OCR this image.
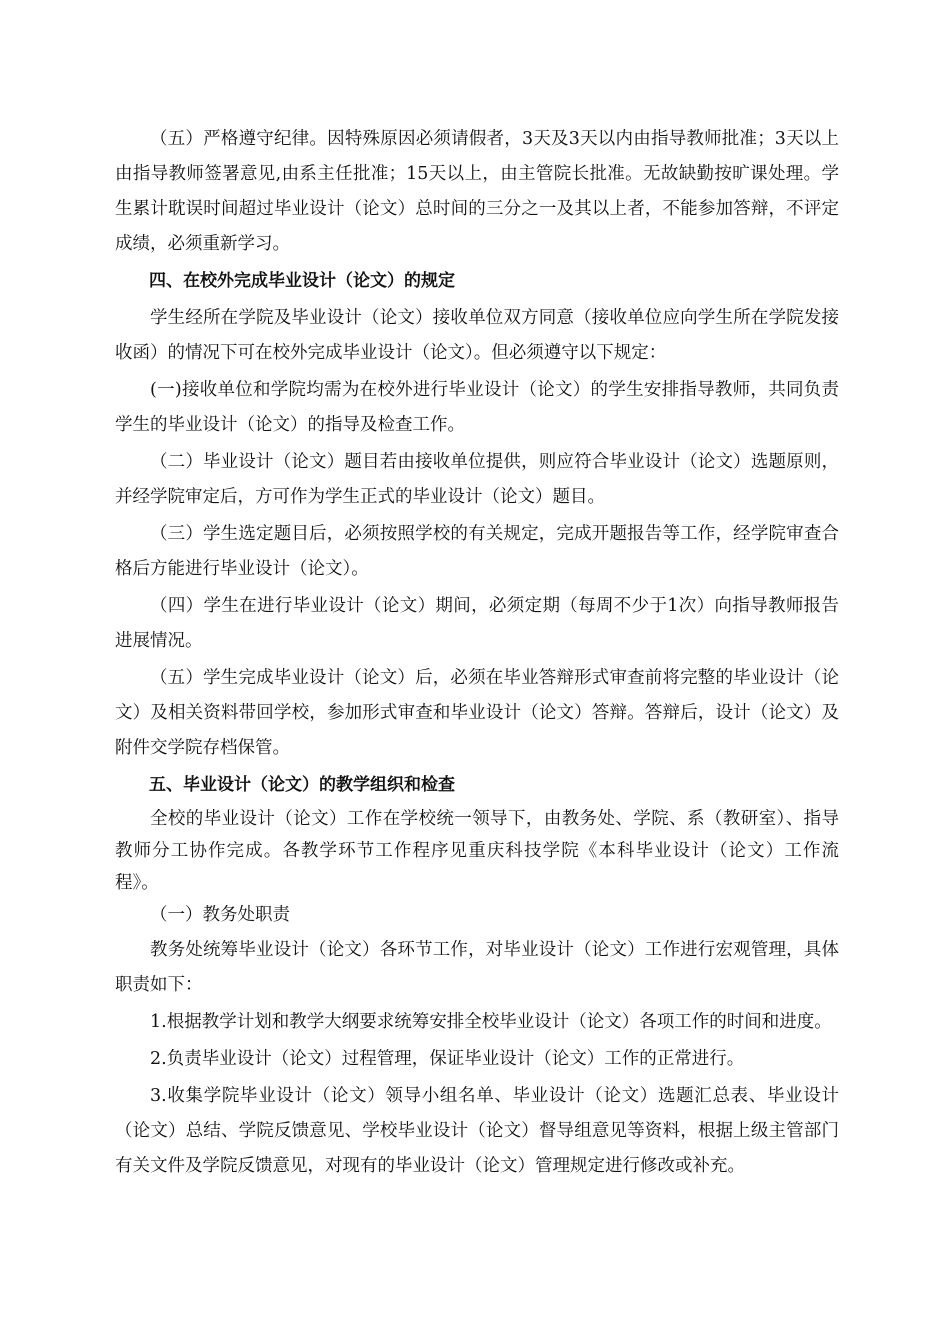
（五）严格遵守纪律。因特殊原因必须请假者，3天及3天以内由指导教师批准；3天以上由指导教师签署意见,由系主任批准；15天以上，由主管院长批准。无故缺勤按旷课处理。学生累计耽误时间超过毕业设计（论文）总时间的三分之一及其以上者，不能参加答辩，不评定成绩，必须重新学习。

四、在校外完成毕业设计（论文）的规定

学生经所在学院及毕业设计（论文）接收单位双方同意（接收单位应向学生所在学院发接收函）的情况下可在校外完成毕业设计（论文）。但必须遵守以下规定：

(一)接收单位和学院均需为在校外进行毕业设计（论文）的学生安排指导教师，共同负责学生的毕业设计（论文）的指导及检查工作。

（二）毕业设计（论文）题目若由接收单位提供，则应符合毕业设计（论文）选题原则，并经学院审定后，方可作为学生正式的毕业设计（论文）题目。

（三）学生选定题目后，必须按照学校的有关规定，完成开题报告等工作，经学院审查合格后方能进行毕业设计（论文）。

（四）学生在进行毕业设计（论文）期间，必须定期（每周不少于1次）向指导教师报告进展情况。

（五）学生完成毕业设计（论文）后，必须在毕业答辩形式审查前将完整的毕业设计（论文）及相关资料带回学校，参加形式审查和毕业设计（论文）答辩。答辩后，设计（论文）及附件交学院存档保管。

五、毕业设计（论文）的教学组织和检查

全校的毕业设计（论文）工作在学校统一领导下，由教务处、学院、系（教研室）、指导教师分工协作完成。各教学环节工作程序见重庆科技学院《本科毕业设计（论文）工作流程》。

（一）教务处职责

教务处统筹毕业设计（论文）各环节工作，对毕业设计（论文）工作进行宏观管理，具体职责如下：

1.根据教学计划和教学大纲要求统筹安排全校毕业设计（论文）各项工作的时间和进度。

2.负责毕业设计（论文）过程管理，保证毕业设计（论文）工作的正常进行。

3.收集学院毕业设计（论文）领导小组名单、毕业设计（论文）选题汇总表、毕业设计（论文）总结、学院反馈意见、学校毕业设计（论文）督导组意见等资料，根据上级主管部门有关文件及学院反馈意见，对现有的毕业设计（论文）管理规定进行修改或补充。
